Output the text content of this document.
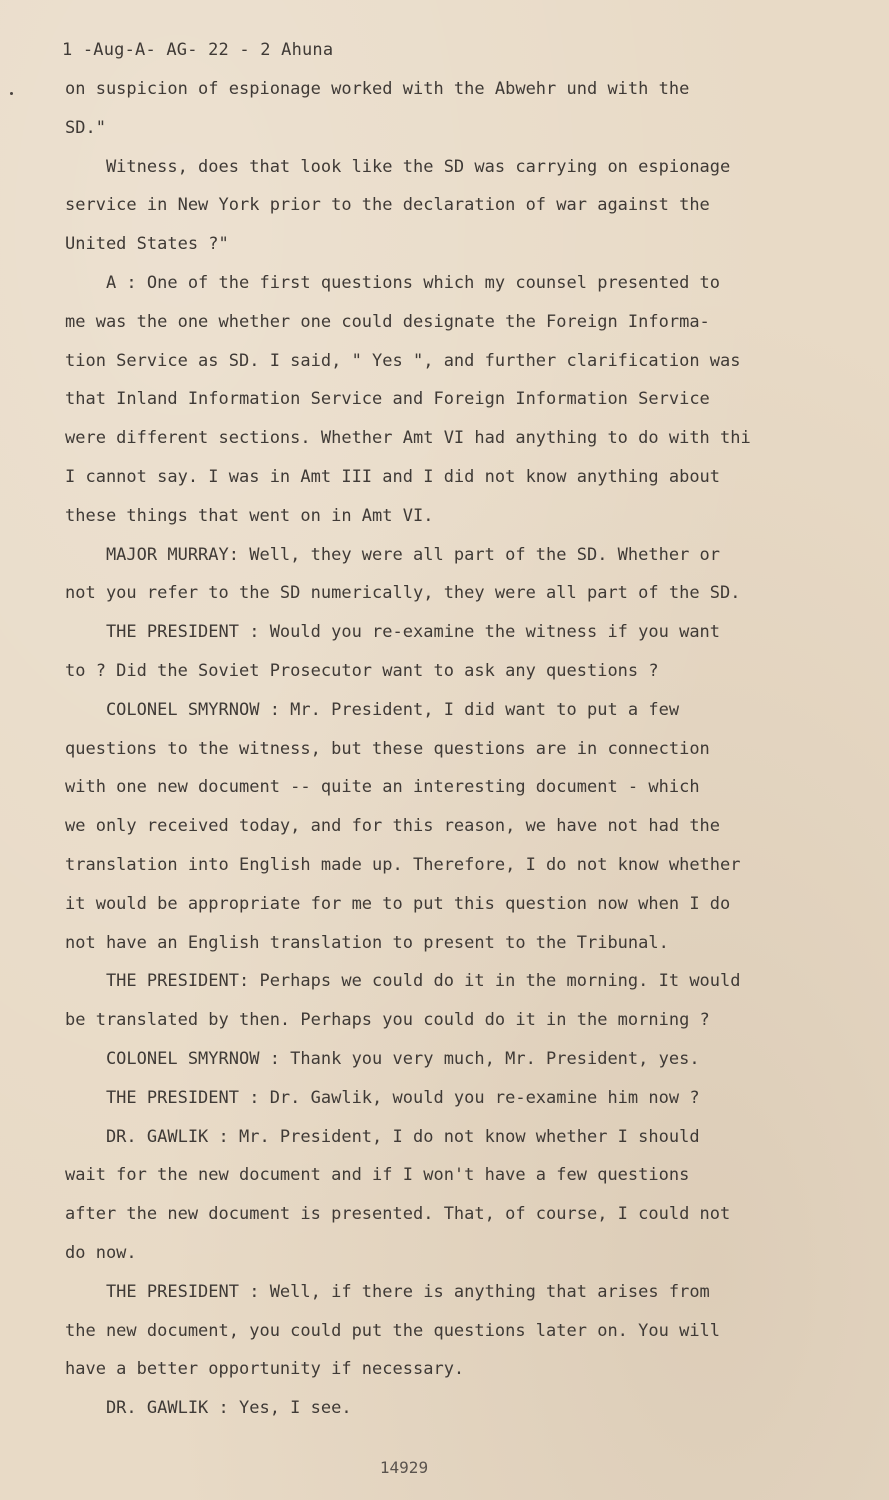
1 -Aug-A- AG- 22 - 2 Ahuna
on suspicion of espionage worked with the Abwehr und with the
SD."
Witness, does that look like the SD was carrying on espionage
service in New York prior to the declaration of war against the
United States ?"
A : One of the first questions which my counsel presented to
me was the one whether one could designate the Foreign Informa-
tion Service as SD. I said, " Yes ", and further clarification was
that Inland Information Service and Foreign Information Service
were different sections. Whether Amt VI had anything to do with thi
I cannot say. I was in Amt III and I did not know anything about
these things that went on in Amt VI.
MAJOR MURRAY: Well, they were all part of the SD. Whether or
not you refer to the SD numerically, they were all part of the SD.
THE PRESIDENT : Would you re-examine the witness if you want
to ? Did the Soviet Prosecutor want to ask any questions ?
COLONEL SMYRNOW : Mr. President, I did want to put a few
questions to the witness, but these questions are in connection
with one new document -- quite an interesting document - which
we only received today, and for this reason, we have not had the
translation into English made up. Therefore, I do not know whether
it would be appropriate for me to put this question now when I do
not have an English translation to present to the Tribunal.
THE PRESIDENT: Perhaps we could do it in the morning. It would
be translated by then. Perhaps you could do it in the morning ?
COLONEL SMYRNOW : Thank you very much, Mr. President, yes.
THE PRESIDENT : Dr. Gawlik, would you re-examine him now ?
DR. GAWLIK : Mr. President, I do not know whether I should
wait for the new document and if I won't have a few questions
after the new document is presented. That, of course, I could not
do now.
THE PRESIDENT : Well, if there is anything that arises from
the new document, you could put the questions later on. You will
have a better opportunity if necessary.
DR. GAWLIK : Yes, I see.
14929
